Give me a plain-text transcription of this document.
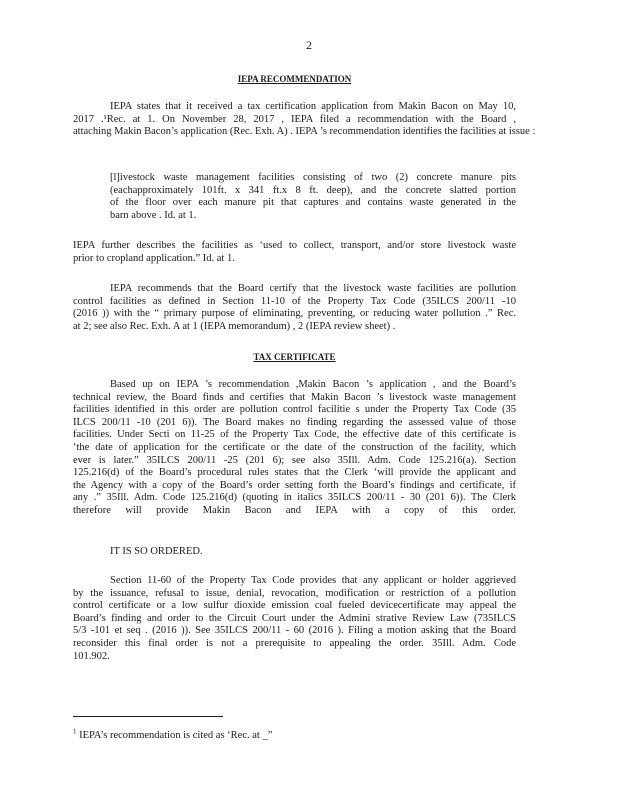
2
IEPA RECOMMENDATION
IEPA states that it received a tax certification application from Makin Bacon on May 10,
2017 .¹Rec. at 1. On November 28, 2017 , IEPA filed a recommendation with the Board ,
attaching Makin Bacon’s application (Rec. Exh. A) . IEPA ’s recommendation identifies the facilities at issue :
[l]ivestock waste management facilities consisting of two (2) concrete manure pits
(eachapproximately 101ft. x 341 ft.x 8 ft. deep), and the concrete slatted portion
of the floor over each manure pit that captures and contains waste generated in the
barn above . Id. at 1.
IEPA further describes the facilities as ‘used to collect, transport, and/or store livestock waste
prior to cropland application.” Id. at 1.
IEPA recommends that the Board certify that the livestock waste facilities are pollution
control facilities as defined in Section 11-10 of the Property Tax Code (35ILCS 200/11 -10
(2016 )) with the “ primary purpose of eliminating, preventing, or reducing water pollution .” Rec.
at 2; see also Rec. Exh. A at 1 (IEPA memorandum) , 2 (IEPA review sheet) .
TAX CERTIFICATE
Based up on IEPA ’s recommendation ,Makin Bacon ’s application , and the Board’s
technical review, the Board finds and certifies that Makin Bacon ’s livestock waste management
facilities identified in this order are pollution control facilitie s under the Property Tax Code (35
ILCS 200/11 -10 (201 6)). The Board makes no finding regarding the assessed value of those
facilities. Under Secti on 11-25 of the Property Tax Code, the effective date of this certificate is
‘the date of application for the certificate or the date of the construction of the facility, which
ever is later.” 35ILCS 200/11 -25 (201 6); see also 35Ill. Adm. Code 125.216(a). Section
125.216(d) of the Board’s procedural rules states that the Clerk ‘will provide the applicant and
the Agency with a copy of the Board’s order setting forth the Board’s findings and certificate, if
any .” 35Ill. Adm. Code 125.216(d) (quoting in italics 35ILCS 200/11 - 30 (201 6)). The Clerk
therefore will provide Makin Bacon and IEPA with a copy of this order.
IT IS SO ORDERED.
Section 11-60 of the Property Tax Code provides that any applicant or holder aggrieved
by the issuance, refusal to issue, denial, revocation, modification or restriction of a pollution
control certificate or a low sulfur dioxide emission coal fueled devicecertificate may appeal the
Board’s finding and order to the Circuit Court under the Admini strative Review Law (735ILCS
5/3 -101 et seq . (2016 )). See 35ILCS 200/11 - 60 (2016 ). Filing a motion asking that the Board
reconsider this final order is not a prerequisite to appealing the order. 35Ill. Adm. Code
101.902.
$^1$ IEPA’s recommendation is cited as ‘Rec. at _”
